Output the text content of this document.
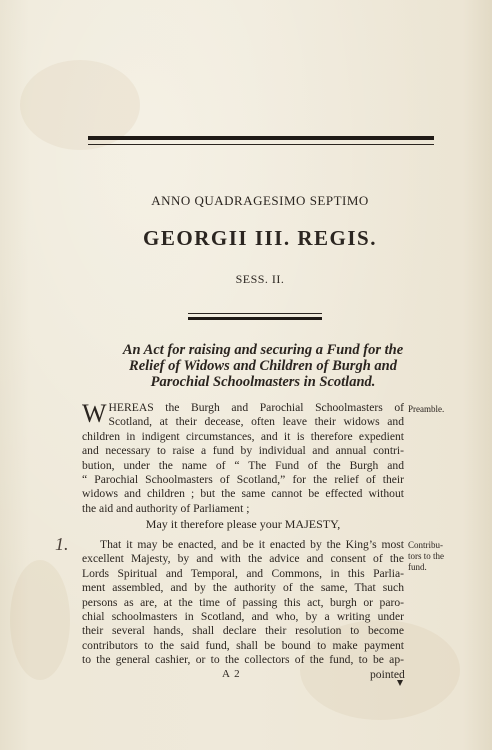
ANNO QUADRAGESIMO SEPTIMO
GEORGII III. REGIS.
SESS. II.
An Act for raising and securing a Fund for the
Relief of Widows and Children of Burgh and
Parochial Schoolmasters in Scotland.
W HEREAS the Burgh and Parochial Schoolmasters of
Scotland, at their decease, often leave their widows and
children in indigent circumstances, and it is therefore expedient
and necessary to raise a fund by individual and annual contri-
bution, under the name of “ The Fund of the Burgh and
“ Parochial Schoolmasters of Scotland,” for the relief of their
widows and children ; but the same cannot be effected without
the aid and authority of Parliament ;
May it therefore please your MAJESTY,
That it may be enacted, and be it enacted by the King’s most
excellent Majesty, by and with the advice and consent of the
Lords Spiritual and Temporal, and Commons, in this Parlia-
ment assembled, and by the authority of the same, That such
persons as are, at the time of passing this act, burgh or paro-
chial schoolmasters in Scotland, and who, by a writing under
their several hands, shall declare their resolution to become
contributors to the said fund, shall be bound to make payment
to the general cashier, or to the collectors of the fund, to be ap-
Preamble.
Contribu-
tors to the
fund.
1.
A 2	pointed
